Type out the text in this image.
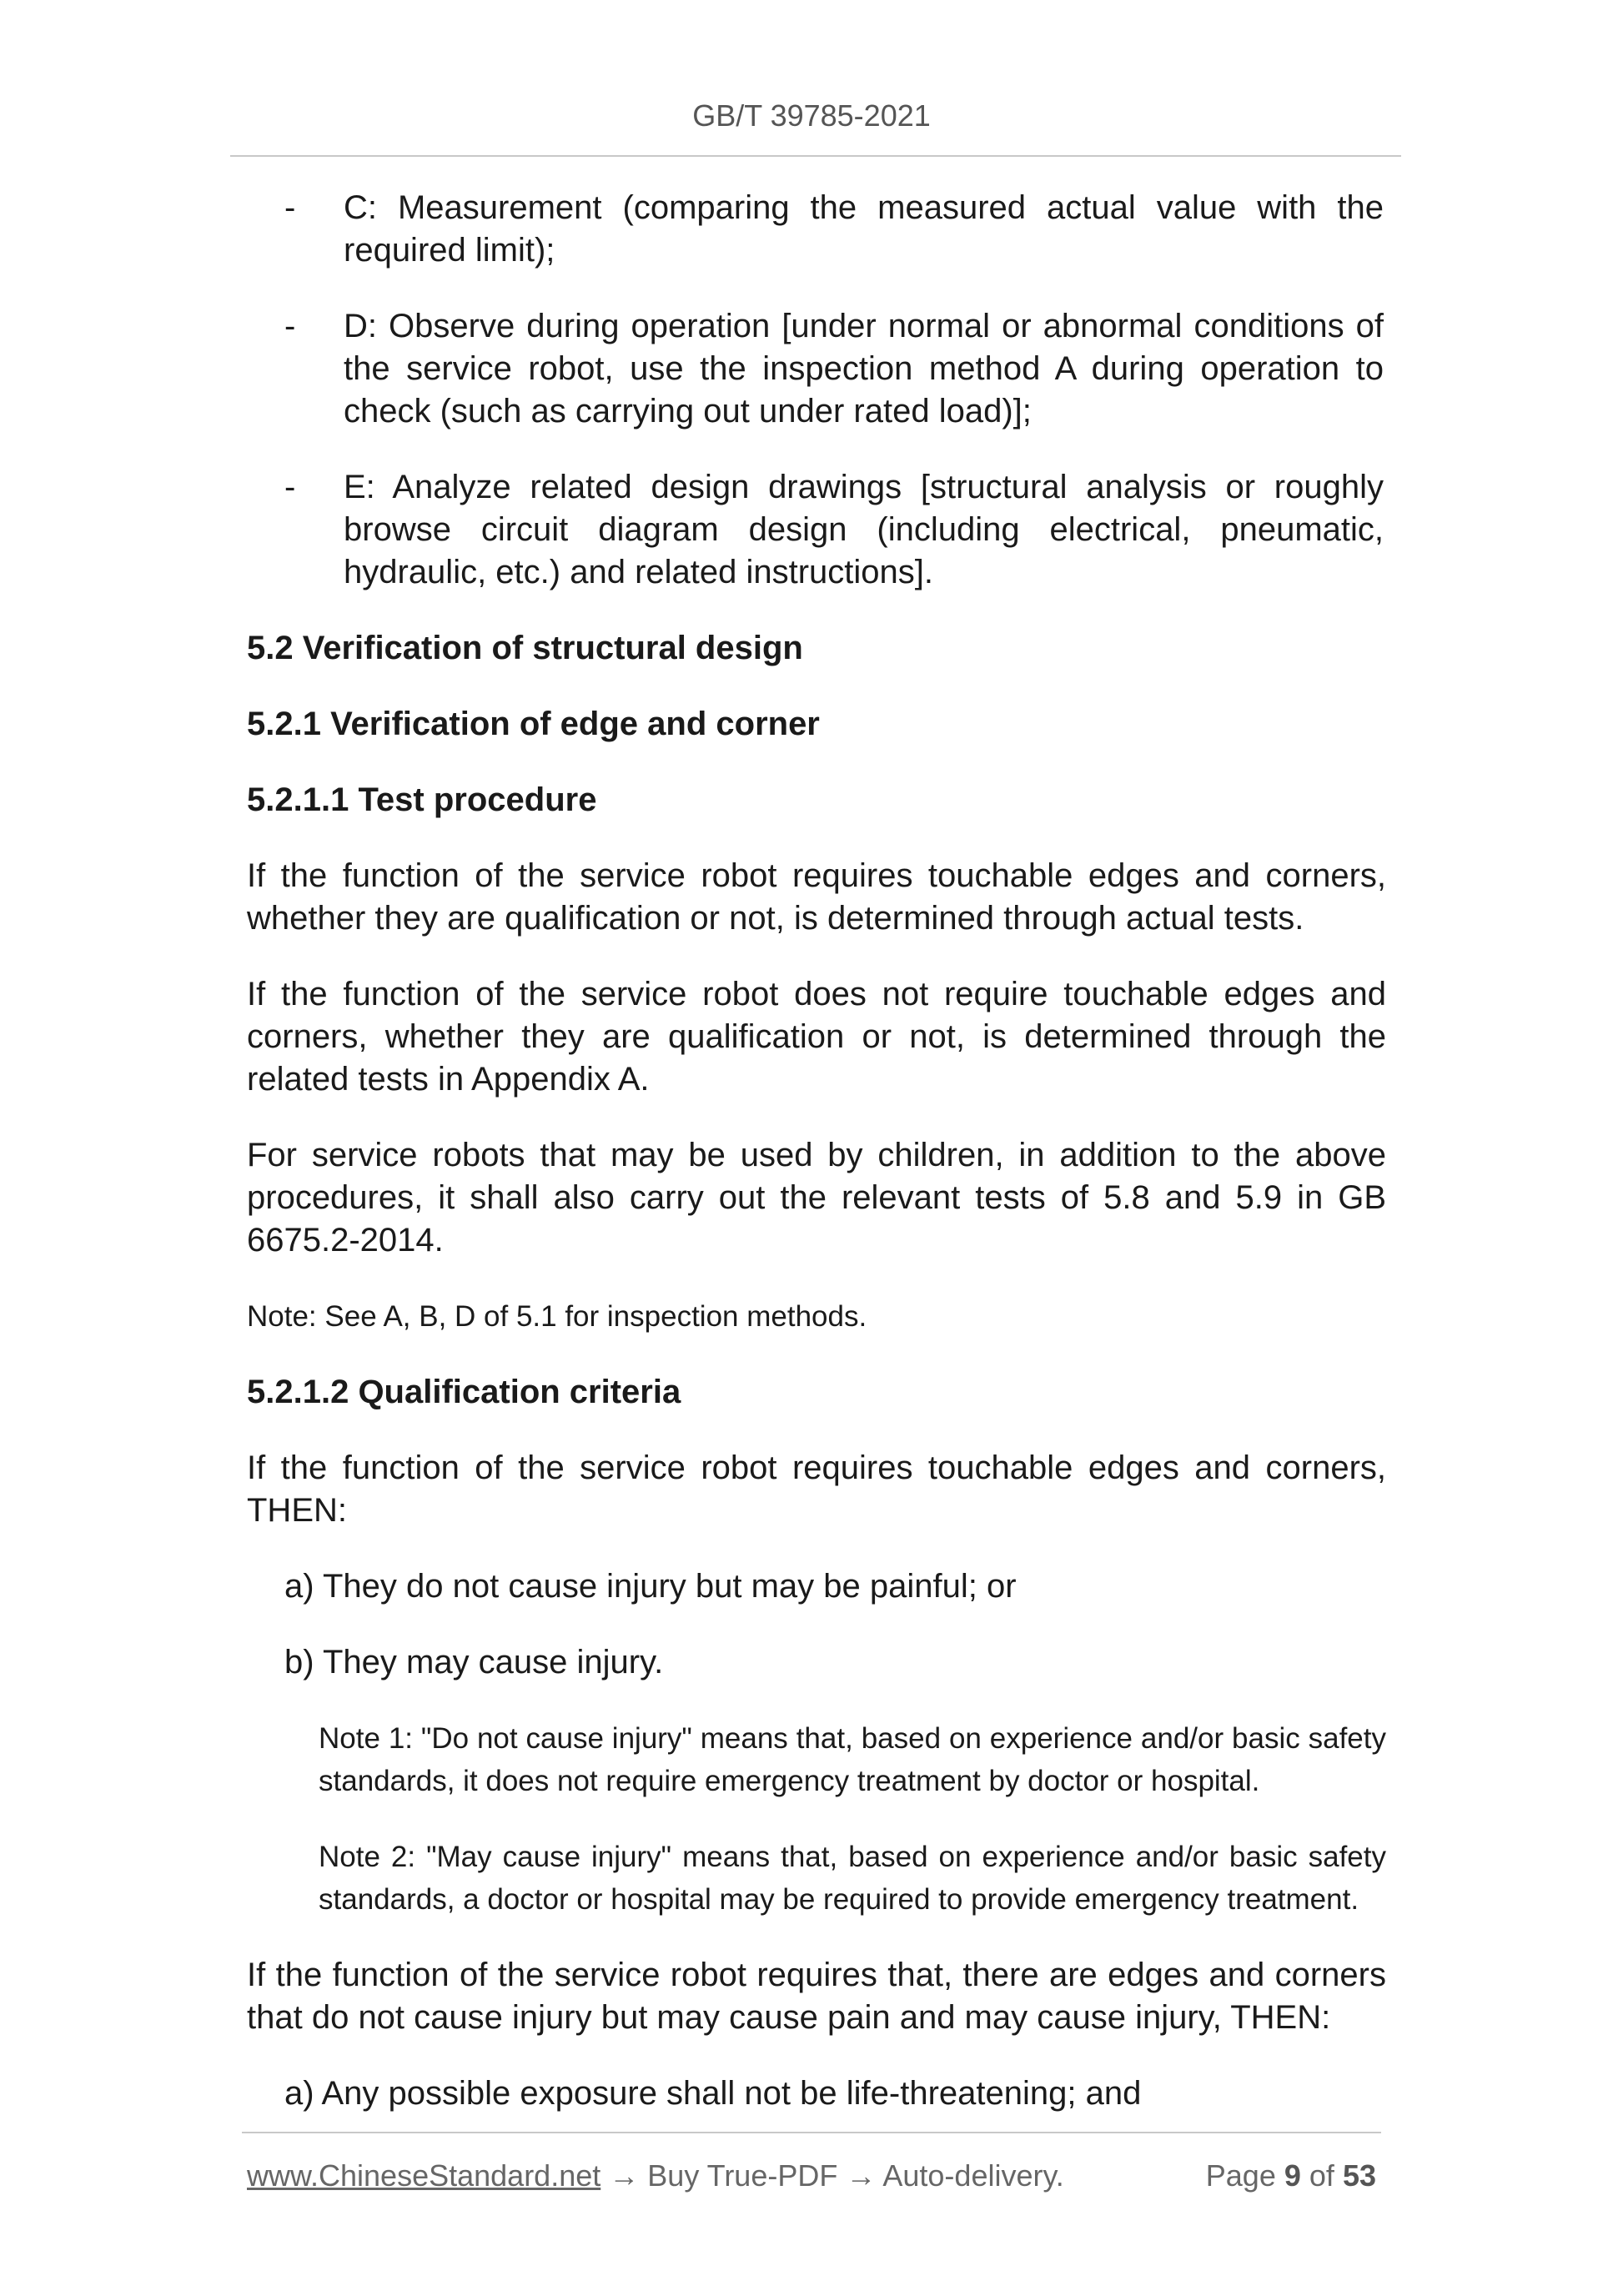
GB/T 39785-2021
- C: Measurement (comparing the measured actual value with the required limit);
- D: Observe during operation [under normal or abnormal conditions of the service robot, use the inspection method A during operation to check (such as carrying out under rated load)];
- E: Analyze related design drawings [structural analysis or roughly browse circuit diagram design (including electrical, pneumatic, hydraulic, etc.) and related instructions].

5.2 Verification of structural design

5.2.1 Verification of edge and corner

5.2.1.1 Test procedure

If the function of the service robot requires touchable edges and corners, whether they are qualification or not, is determined through actual tests.

If the function of the service robot does not require touchable edges and corners, whether they are qualification or not, is determined through the related tests in Appendix A.

For service robots that may be used by children, in addition to the above procedures, it shall also carry out the relevant tests of 5.8 and 5.9 in GB 6675.2-2014.

Note: See A, B, D of 5.1 for inspection methods.

5.2.1.2 Qualification criteria

If the function of the service robot requires touchable edges and corners, THEN:

a) They do not cause injury but may be painful; or

b) They may cause injury.

Note 1: "Do not cause injury" means that, based on experience and/or basic safety standards, it does not require emergency treatment by doctor or hospital.

Note 2: "May cause injury" means that, based on experience and/or basic safety standards, a doctor or hospital may be required to provide emergency treatment.

If the function of the service robot requires that, there are edges and corners that do not cause injury but may cause pain and may cause injury, THEN:

a) Any possible exposure shall not be life-threatening; and

www.ChineseStandard.net → Buy True-PDF → Auto-delivery.	Page 9 of 53
